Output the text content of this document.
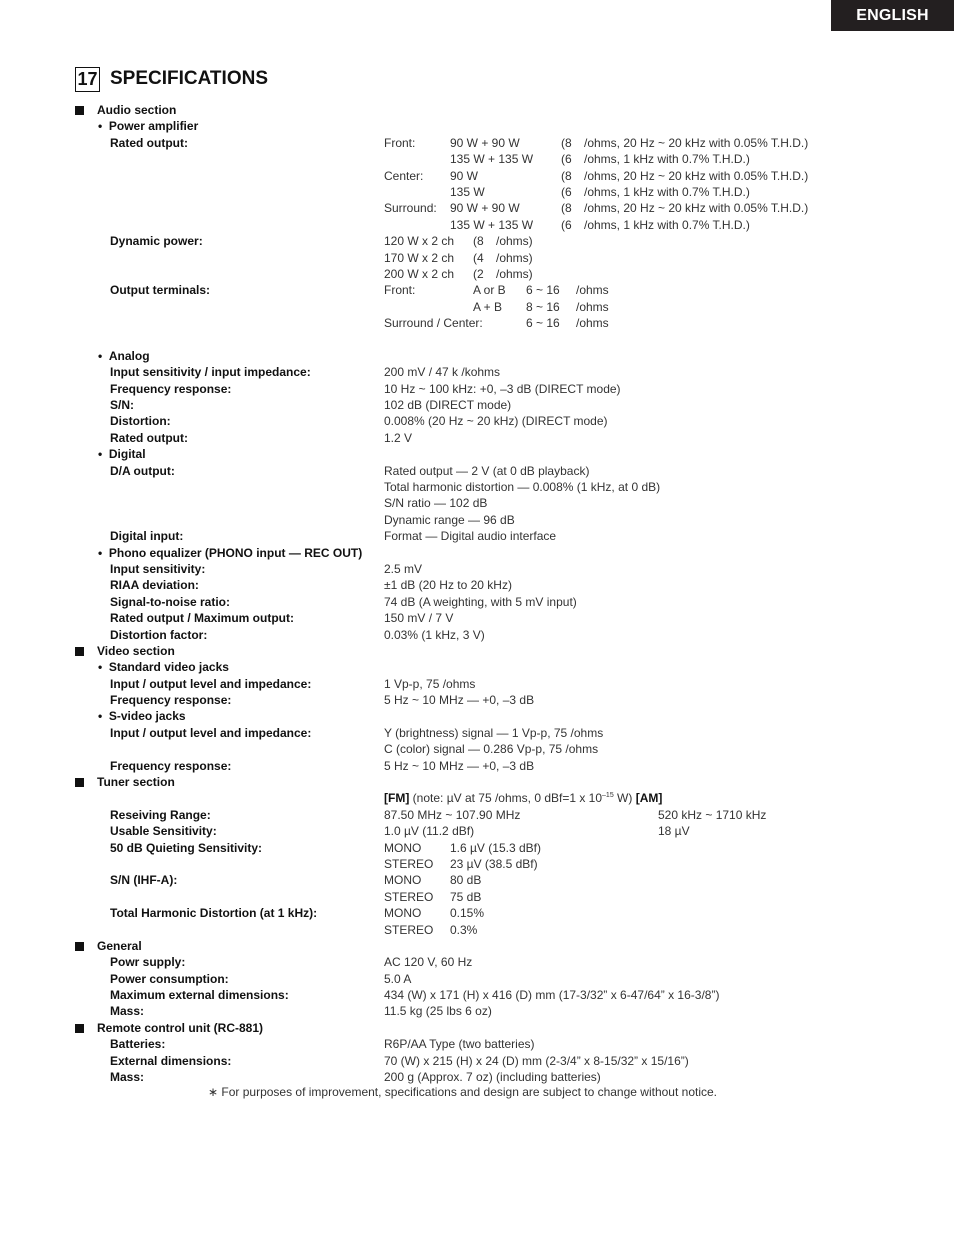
ENGLISH
17 SPECIFICATIONS
Audio section
•  Power amplifier
Rated output:	Front:	90 W + 90 W	(8 /ohms, 20 Hz ~ 20 kHz with 0.05% T.H.D.)
135 W + 135 W (6 /ohms, 1 kHz with 0.7% T.H.D.)
Center: 90 W	(8 /ohms, 20 Hz ~ 20 kHz with 0.05% T.H.D.)
135 W	(6 /ohms, 1 kHz with 0.7% T.H.D.)
Surround: 90 W + 90 W	(8 /ohms, 20 Hz ~ 20 kHz with 0.05% T.H.D.)
135 W + 135 W (6 /ohms, 1 kHz with 0.7% T.H.D.)
Dynamic power:	120 W x 2 ch (8 /ohms)
170 W x 2 ch (4 /ohms)
200 W x 2 ch (2 /ohms)
Output terminals:	Front:	A or B 6 ~ 16 /ohms
A + B 8 ~ 16 /ohms
Surround / Center:	6 ~ 16 /ohms
•  Analog
Input sensitivity / input impedance:	200 mV / 47 k /kohms
Frequency response:	10 Hz ~ 100 kHz: +0, –3 dB (DIRECT mode)
S/N:	102 dB (DIRECT mode)
Distortion:	0.008% (20 Hz ~ 20 kHz) (DIRECT mode)
Rated output:	1.2 V
•  Digital
D/A output:	Rated output — 2 V (at 0 dB playback)
Total harmonic distortion — 0.008% (1 kHz, at 0 dB)
S/N ratio — 102 dB
Dynamic range — 96 dB
Digital input:	Format — Digital audio interface
•  Phono equalizer (PHONO input — REC OUT)
Input sensitivity:	2.5 mV
RIAA deviation:	±1 dB (20 Hz to 20 kHz)
Signal-to-noise ratio:	74 dB (A weighting, with 5 mV input)
Rated output / Maximum output:	150 mV / 7 V
Distortion factor:	0.03% (1 kHz, 3 V)
Video section
•  Standard video jacks
Input / output level and impedance:	1 Vp-p, 75 /ohms
Frequency response:	5 Hz ~ 10 MHz — +0, –3 dB
•  S-video jacks
Input / output level and impedance:	Y (brightness) signal — 1 Vp-p, 75 /ohms
C (color) signal — 0.286 Vp-p, 75 /ohms
Frequency response:	5 Hz ~ 10 MHz — +0, –3 dB
Tuner section
[FM] (note: µV at 75 /ohms, 0 dBf=1 x $10^{-15}$ W) [AM]
Reseiving Range:	87.50 MHz ~ 107.90 MHz	520 kHz ~ 1710 kHz
Usable Sensitivity:	1.0 µV (11.2 dBf)	18 µV
50 dB Quieting Sensitivity:	MONO 1.6 µV (15.3 dBf)
STEREO 23 µV (38.5 dBf)
S/N (IHF-A):	MONO 80 dB
STEREO 75 dB
Total Harmonic Distortion (at 1 kHz):	MONO 0.15%
STEREO 0.3%
General
Powr supply:	AC 120 V, 60 Hz
Power consumption:	5.0 A
Maximum external dimensions:	434 (W) x 171 (H) x 416 (D) mm (17-3/32” x 6-47/64” x 16-3/8”)
Mass:	11.5 kg (25 lbs 6 oz)
Remote control unit (RC-881)
Batteries:	R6P/AA Type (two batteries)
External dimensions:	70 (W) x 215 (H) x 24 (D) mm (2-3/4” x 8-15/32” x 15/16”)
Mass:	200 g (Approx. 7 oz) (including batteries)
∗ For purposes of improvement, specifications and design are subject to change without notice.
